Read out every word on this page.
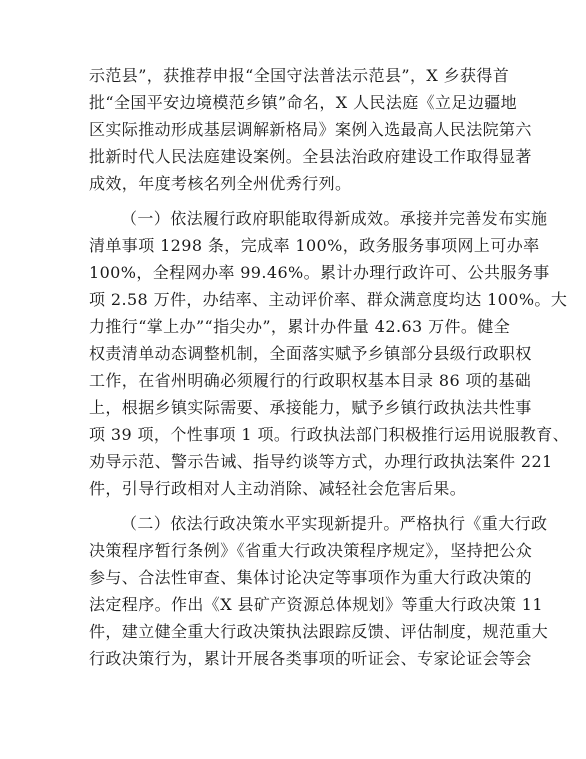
示范县”，获推荐申报“全国守法普法示范县”，X 乡获得首
批“全国平安边境模范乡镇”命名，X 人民法庭《立足边疆地
区实际推动形成基层调解新格局》案例入选最高人民法院第六
批新时代人民法庭建设案例。全县法治政府建设工作取得显著
成效，年度考核名列全州优秀行列。
（一）依法履行政府职能取得新成效。承接并完善发布实施
清单事项 1298 条，完成率 100%，政务服务事项网上可办率
100%，全程网办率 99.46%。累计办理行政许可、公共服务事
项 2.58 万件，办结率、主动评价率、群众满意度均达 100%。大
力推行“掌上办”“指尖办”，累计办件量 42.63 万件。健全
权责清单动态调整机制，全面落实赋予乡镇部分县级行政职权
工作，在省州明确必须履行的行政职权基本目录 86 项的基础
上，根据乡镇实际需要、承接能力，赋予乡镇行政执法共性事
项 39 项，个性事项 1 项。行政执法部门积极推行运用说服教育、
劝导示范、警示告诫、指导约谈等方式，办理行政执法案件 221
件，引导行政相对人主动消除、减轻社会危害后果。
（二）依法行政决策水平实现新提升。严格执行《重大行政
决策程序暂行条例》《省重大行政决策程序规定》，坚持把公众
参与、合法性审查、集体讨论决定等事项作为重大行政决策的
法定程序。作出《X 县矿产资源总体规划》等重大行政决策 11
件，建立健全重大行政决策执法跟踪反馈、评估制度，规范重大
行政决策行为，累计开展各类事项的听证会、专家论证会等会
